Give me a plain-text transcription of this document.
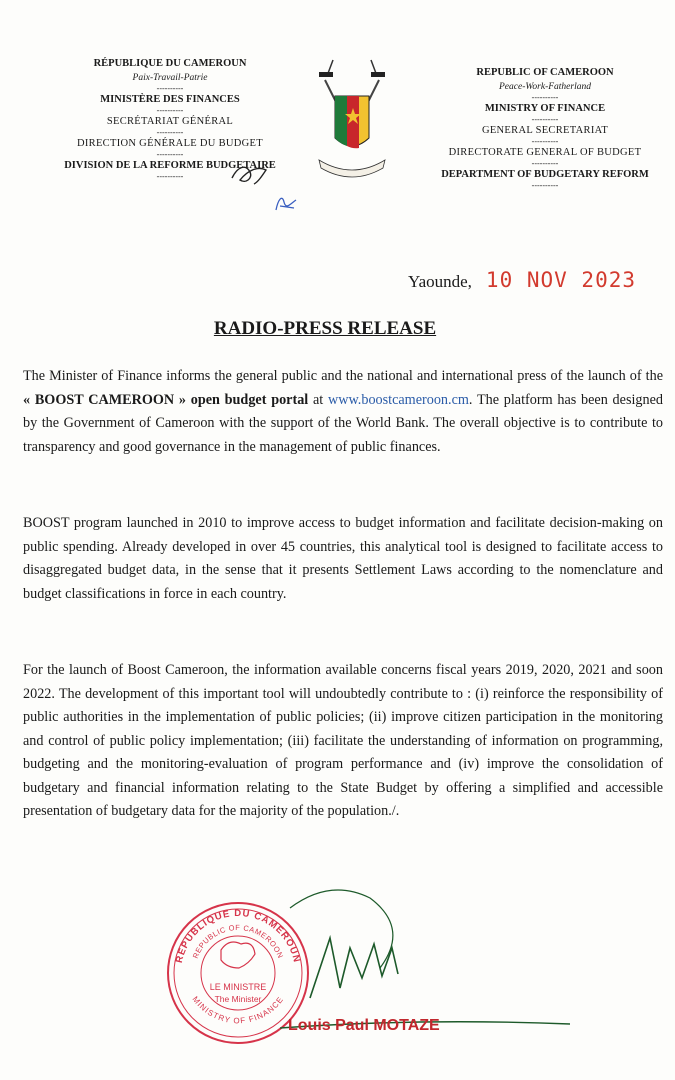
RÉPUBLIQUE DU CAMEROUN
Paix-Travail-Patrie
----------
MINISTÈRE DES FINANCES
----------
SECRÉTARIAT GÉNÉRAL
----------
DIRECTION GÉNÉRALE DU BUDGET
----------
DIVISION DE LA REFORME BUDGETAIRE
----------
REPUBLIC OF CAMEROON
Peace-Work-Fatherland
----------
MINISTRY OF FINANCE
----------
GENERAL SECRETARIAT
----------
DIRECTORATE GENERAL OF BUDGET
----------
DEPARTMENT OF BUDGETARY REFORM
----------
Yaounde, 10 NOV 2023
RADIO-PRESS RELEASE
The Minister of Finance informs the general public and the national and international press of the launch of the « BOOST CAMEROON » open budget portal at www.boostcameroon.cm. The platform has been designed by the Government of Cameroon with the support of the World Bank. The overall objective is to contribute to transparency and good governance in the management of public finances.
BOOST program launched in 2010 to improve access to budget information and facilitate decision-making on public spending. Already developed in over 45 countries, this analytical tool is designed to facilitate access to disaggregated budget data, in the sense that it presents Settlement Laws according to the nomenclature and budget classifications in force in each country.
For the launch of Boost Cameroon, the information available concerns fiscal years 2019, 2020, 2021 and soon 2022. The development of this important tool will undoubtedly contribute to : (i) reinforce the responsibility of public authorities in the implementation of public policies; (ii) improve citizen participation in the monitoring and control of public policy implementation; (iii) facilitate the understanding of information on programming, budgeting and the monitoring-evaluation of program performance and (iv) improve the consolidation of budgetary and financial information relating to the State Budget by offering a simplified and accessible presentation of budgetary data for the majority of the population./.
REPUBLIQUE DU CAMEROUN
REPUBLIC OF CAMEROON
LE MINISTRE
The Minister
MINISTRY OF FINANCE
Louis Paul MOTAZE
